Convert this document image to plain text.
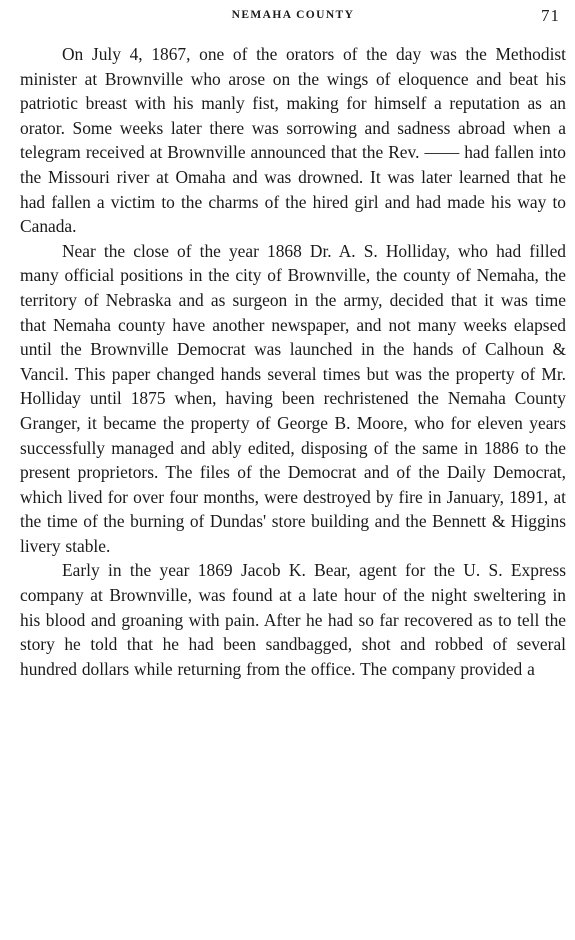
NEMAHA COUNTY	71

On July 4, 1867, one of the orators of the day was the Methodist minister at Brownville who arose on the wings of eloquence and beat his patriotic breast with his manly fist, making for himself a reputation as an orator. Some weeks later there was sorrowing and sadness abroad when a telegram received at Brownville announced that the Rev. —— had fallen into the Missouri river at Omaha and was drowned. It was later learned that he had fallen a victim to the charms of the hired girl and had made his way to Canada.

Near the close of the year 1868 Dr. A. S. Holliday, who had filled many official positions in the city of Brownville, the county of Nemaha, the territory of Nebraska and as surgeon in the army, decided that it was time that Nemaha county have another newspaper, and not many weeks elapsed until the Brownville Democrat was launched in the hands of Calhoun & Vancil. This paper changed hands several times but was the property of Mr. Holliday until 1875 when, having been rechristened the Nemaha County Granger, it became the property of George B. Moore, who for eleven years successfully managed and ably edited, disposing of the same in 1886 to the present proprietors. The files of the Democrat and of the Daily Democrat, which lived for over four months, were destroyed by fire in January, 1891, at the time of the burning of Dundas' store building and the Bennett & Higgins livery stable.

Early in the year 1869 Jacob K. Bear, agent for the U. S. Express company at Brownville, was found at a late hour of the night sweltering in his blood and groaning with pain. After he had so far recovered as to tell the story he told that he had been sandbagged, shot and robbed of several hundred dollars while returning from the office. The company provided a
